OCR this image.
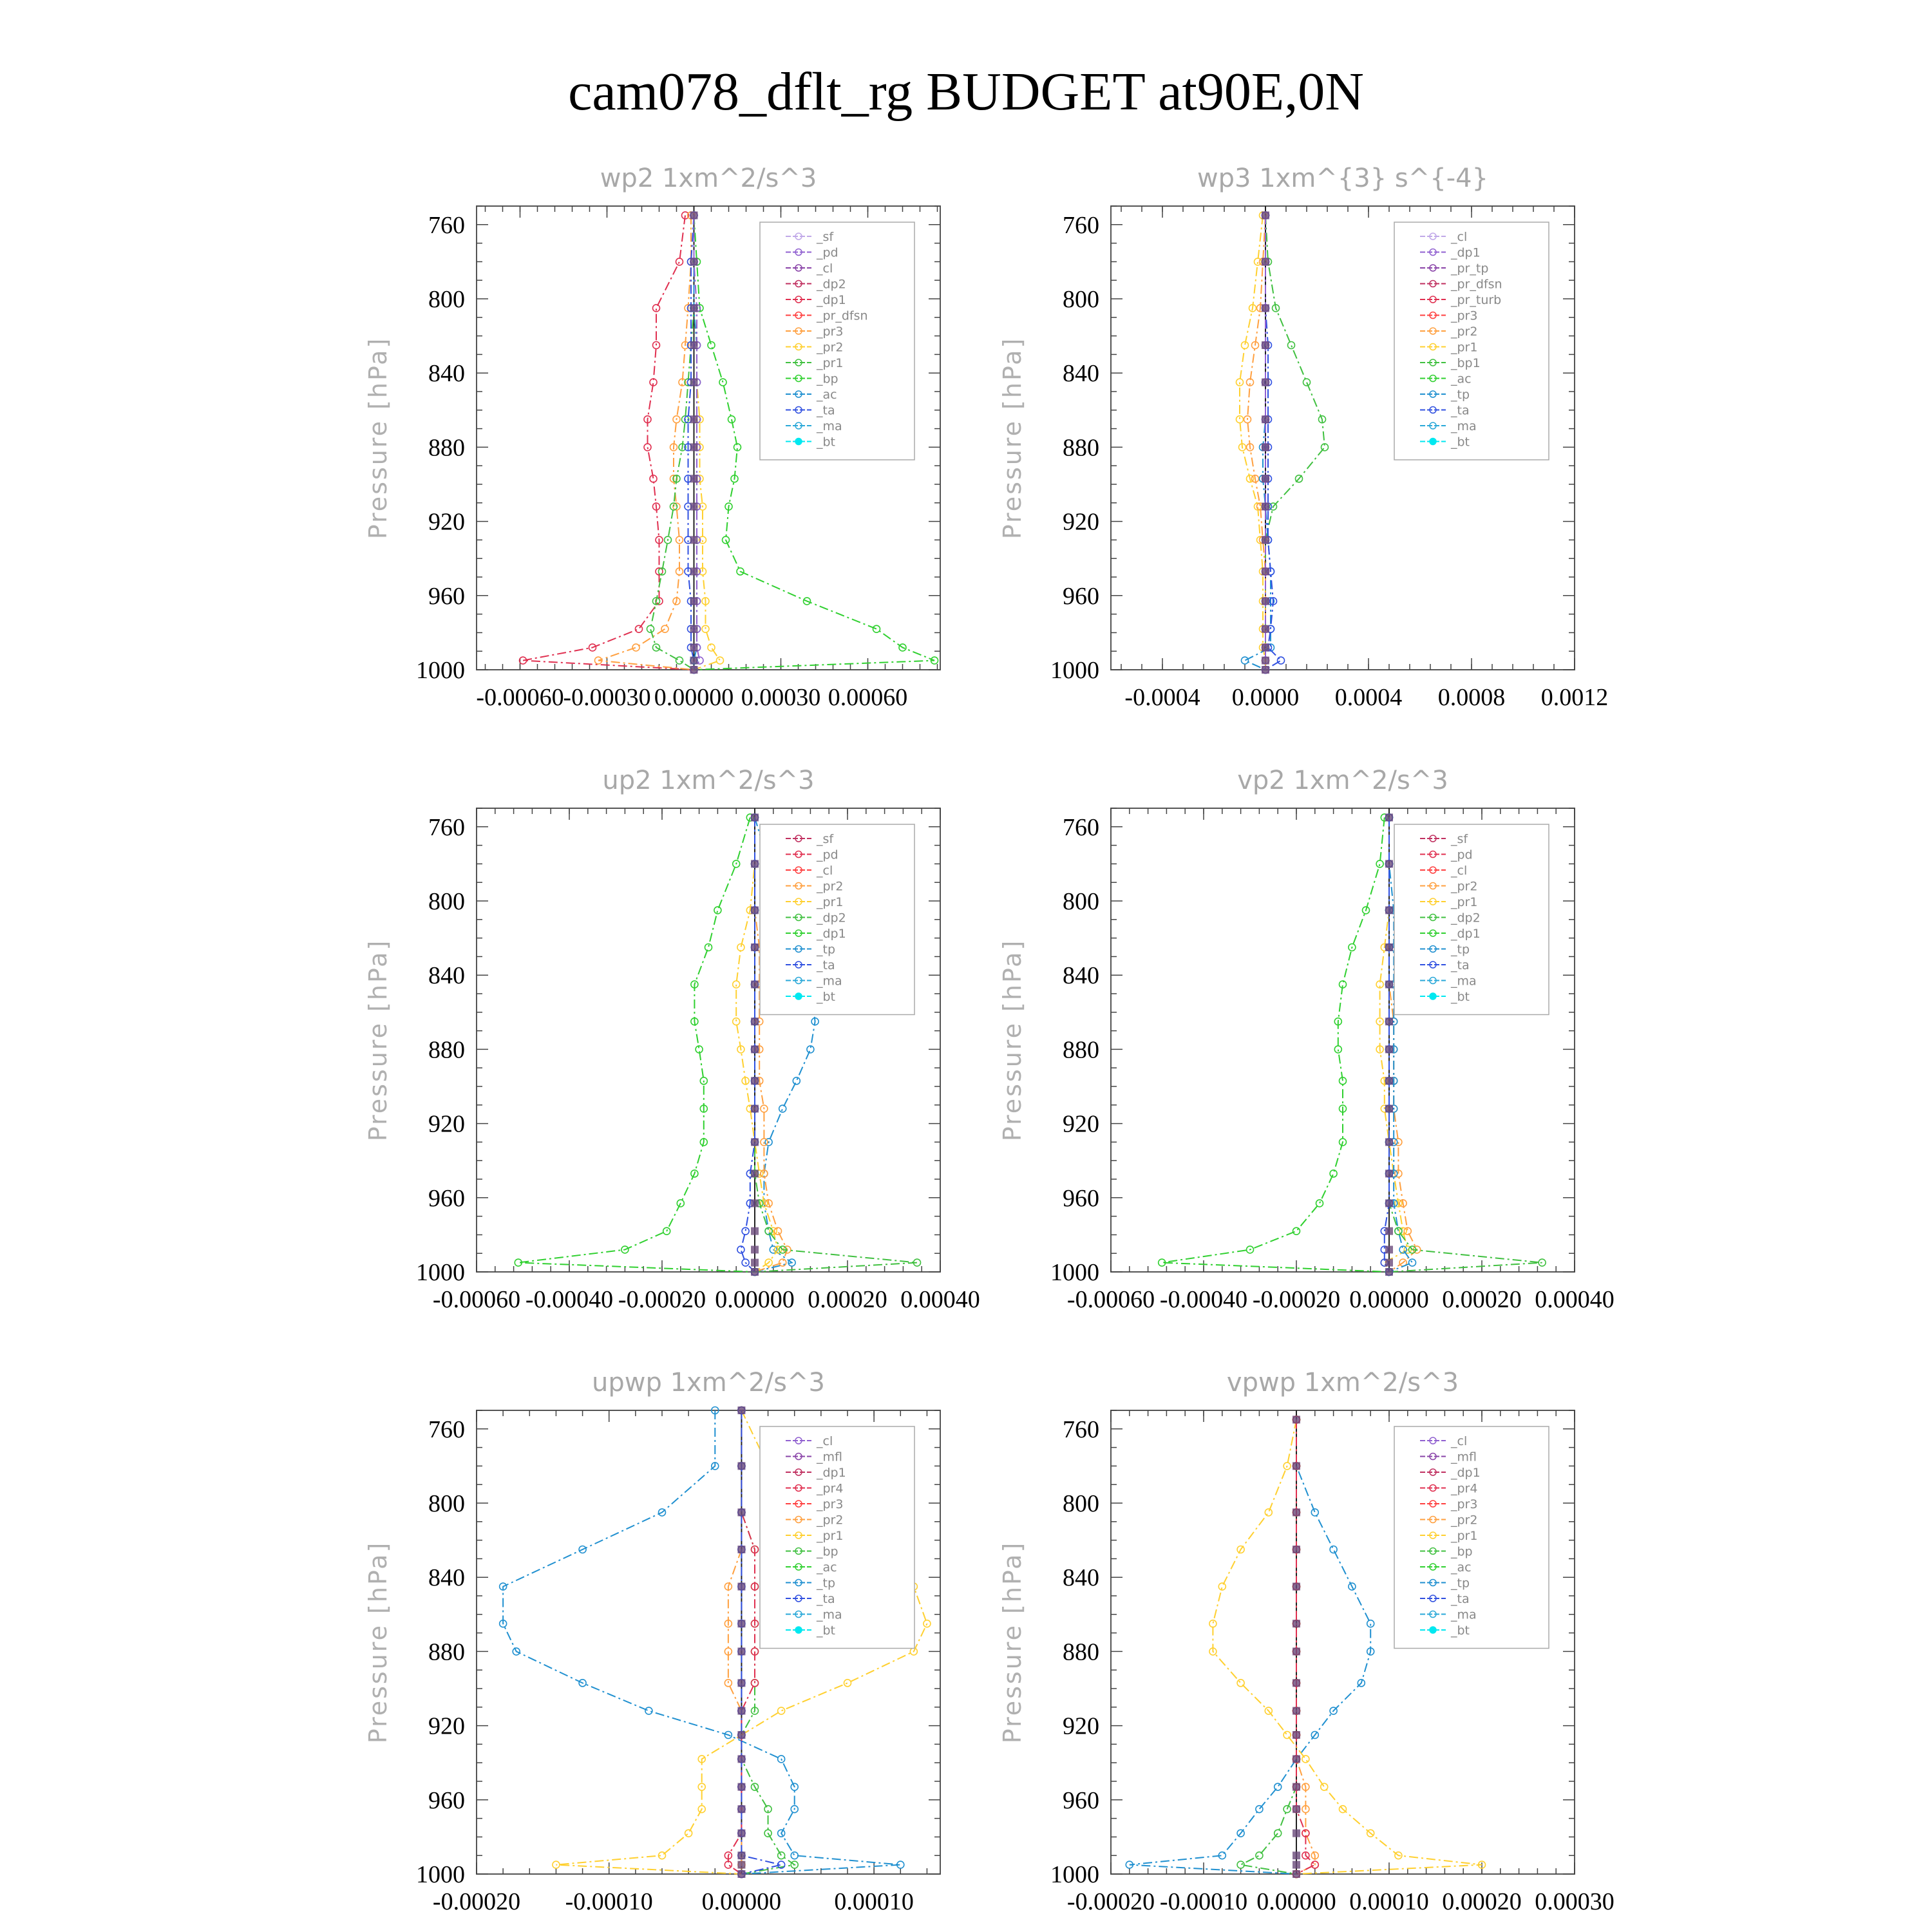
cam078_dflt_rg BUDGET at90E,0N
wp2 1xm^2/s^3
Pressure [hPa]
760
800
840
880
920
960
1000
-0.00060
-0.00030 0.00000 0.00030 0.00060
_sf
_pd
_cl
_dp2
_dp1
_pr_dfsn
_pr3
_pr2
_pr1
_bp
_ac
_ta
_ma
_bt
wp3 1xm^{3} s^{-4}
Pressure [hPa]
760
800
840
880
920
960
1000
-0.0004 0.0000 0.0004 0.0008 0.0012
_cl
_dp1
_pr_tp
_pr_dfsn
_pr_turb
_pr3
_pr2
_pr1
_bp1
_ac
_tp
_ta
_ma
_bt
up2 1xm^2/s^3
Pressure [hPa]
760
800
840
880
920
960
1000
-0.00060 -0.00040 -0.00020 0.00000 0.00020 0.00040
_sf
_pd
_cl
_pr2
_pr1
_dp2
_dp1
_tp
_ta
_ma
_bt
vp2 1xm^2/s^3
Pressure [hPa]
760
800
840
880
920
960
1000
-0.00060 -0.00040 -0.00020 0.00000 0.00020 0.00040
_sf
_pd
_cl
_pr2
_pr1
_dp2
_dp1
_tp
_ta
_ma
_bt
upwp 1xm^2/s^3
Pressure [hPa]
760
800
840
880
920
960
1000
-0.00020 -0.00010 0.00000 0.00010
_cl
_mfl
_dp1
_pr4
_pr3
_pr2
_pr1
_bp
_ac
_tp
_ta
_ma
_bt
vpwp 1xm^2/s^3
Pressure [hPa]
760
800
840
880
920
960
1000
-0.00020 -0.00010 0.00000 0.00010 0.00020 0.00030
_cl
_mfl
_dp1
_pr4
_pr3
_pr2
_pr1
_bp
_ac
_tp
_ta
_ma
_bt
